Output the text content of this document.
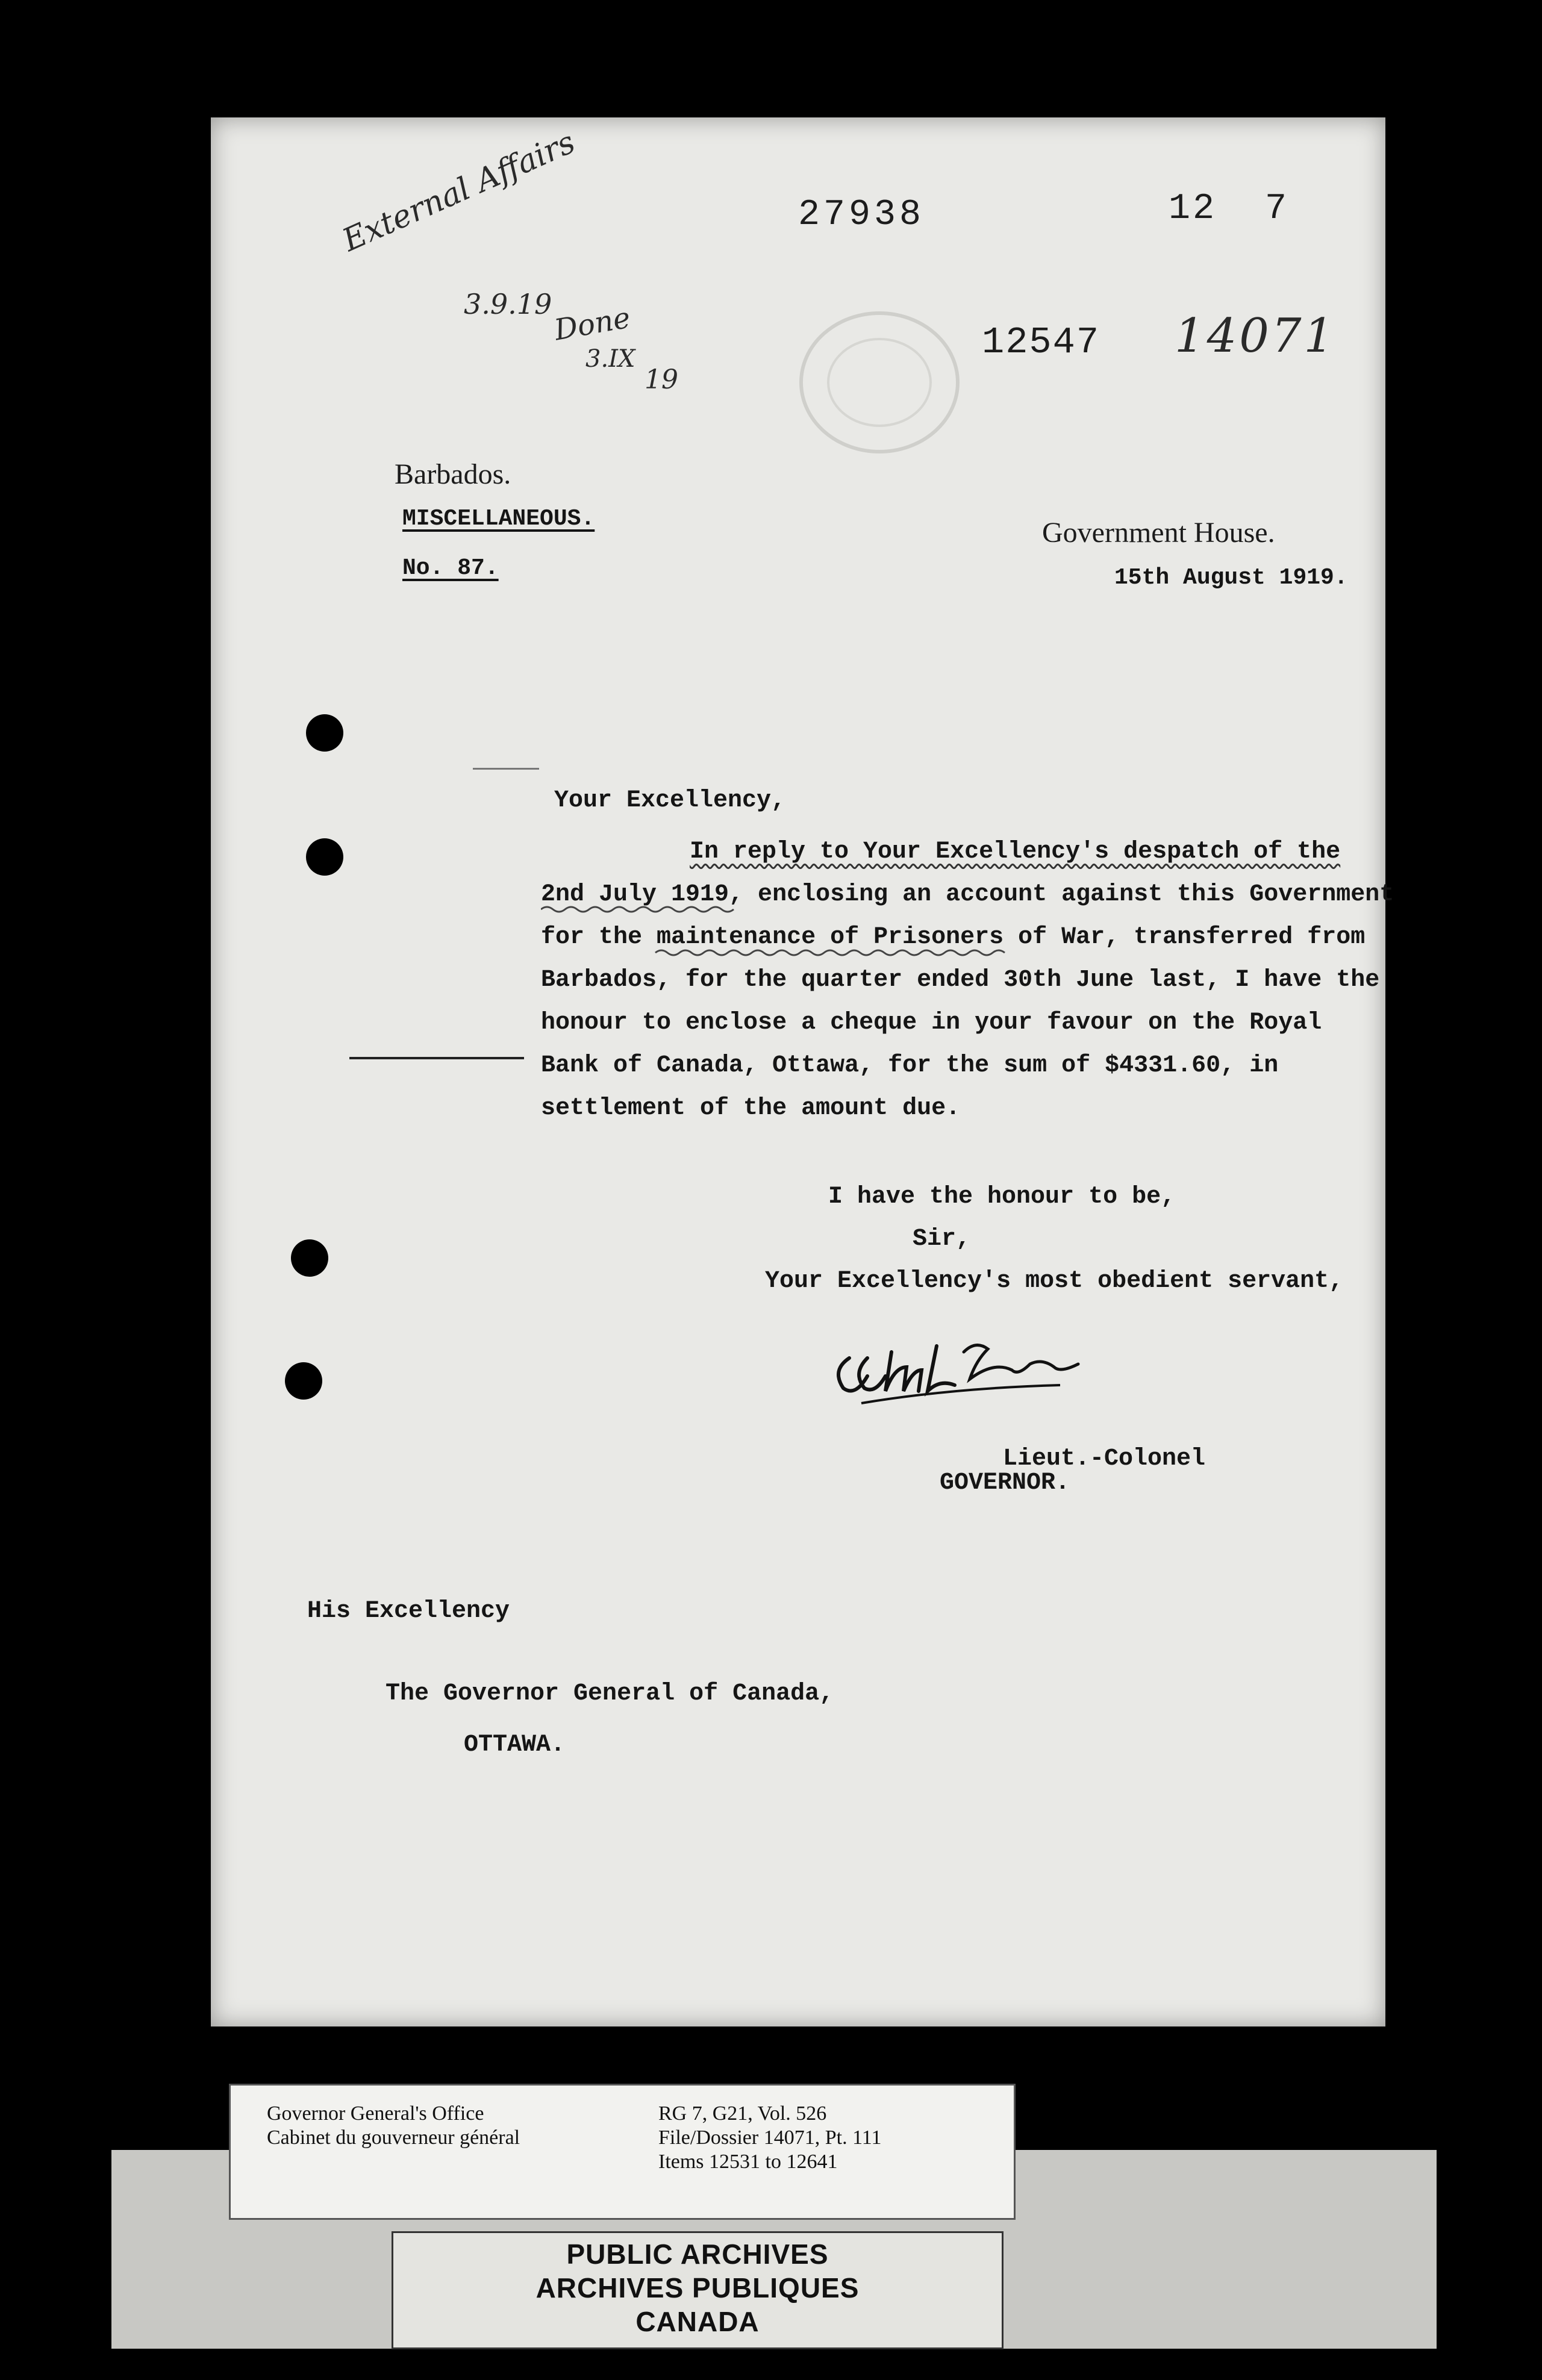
27938	12  7
12547 14071
External Affairs
3.9.19 Done
3.IX
19
Barbados.
MISCELLANEOUS.
No. 87.
Government House.
15th August 1919.
Your Excellency,
In reply to Your Excellency's despatch of the
2nd July 1919, enclosing an account against this Government
for the maintenance of Prisoners of War, transferred from
Barbados, for the quarter ended 30th June last, I have the
honour to enclose a cheque in your favour on the Royal
Bank of Canada, Ottawa, for the sum of $4331.60, in
settlement of the amount due.
I have the honour to be,
Sir,
Your Excellency's most obedient servant,
Lieut.-Colonel
GOVERNOR.
His Excellency
The Governor General of Canada,
OTTAWA.
Governor General's Office
Cabinet du gouverneur général
RG 7, G21, Vol. 526
File/Dossier 14071, Pt. 111
Items 12531 to 12641
PUBLIC ARCHIVES
ARCHIVES PUBLIQUES
CANADA
